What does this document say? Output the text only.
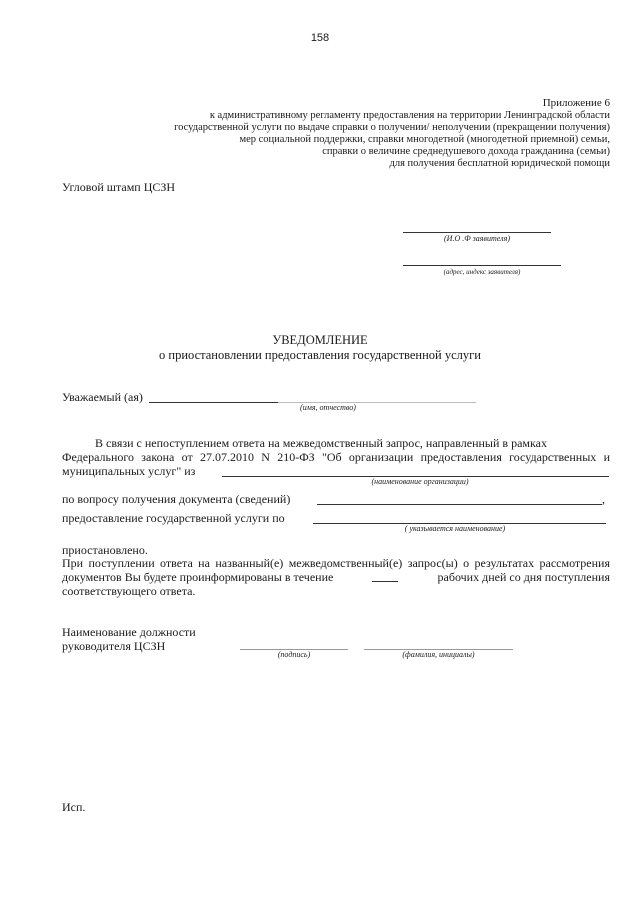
158
Приложение 6
к административному регламенту предоставления на территории Ленинградской области
государственной услуги по выдаче справки о получении/ неполучении (прекращении получения)
мер социальной поддержки, справки многодетной (многодетной приемной) семьи,
справки о величине среднедушевого дохода гражданина (семьи)
для получения бесплатной юридической помощи
Угловой штамп ЦСЗН
(И.О .Ф заявителя)
(адрес, индекс заявителя)
УВЕДОМЛЕНИЕ
о приостановлении предоставления государственной услуги
Уважаемый (ая)
(имя, отчество)
В связи с непоступлением ответа на межведомственный запрос, направленный в рамках
Федерального закона от 27.07.2010 N 210-ФЗ "Об организации предоставления государственных и
муниципальных услуг" из
(наименование организации)
по вопросу получения документа (сведений)	,
предоставление государственной услуги по
( указывается наименование)
приостановлено.
При поступлении ответа на названный(е) межведомственный(е) запрос(ы) о результатах рассмотрения
документов Вы будете проинформированы в течение	рабочих дней со дня поступления
соответствующего ответа.
Наименование должности
руководителя ЦСЗН
(подпись)	(фамилия, инициалы)
Исп.
